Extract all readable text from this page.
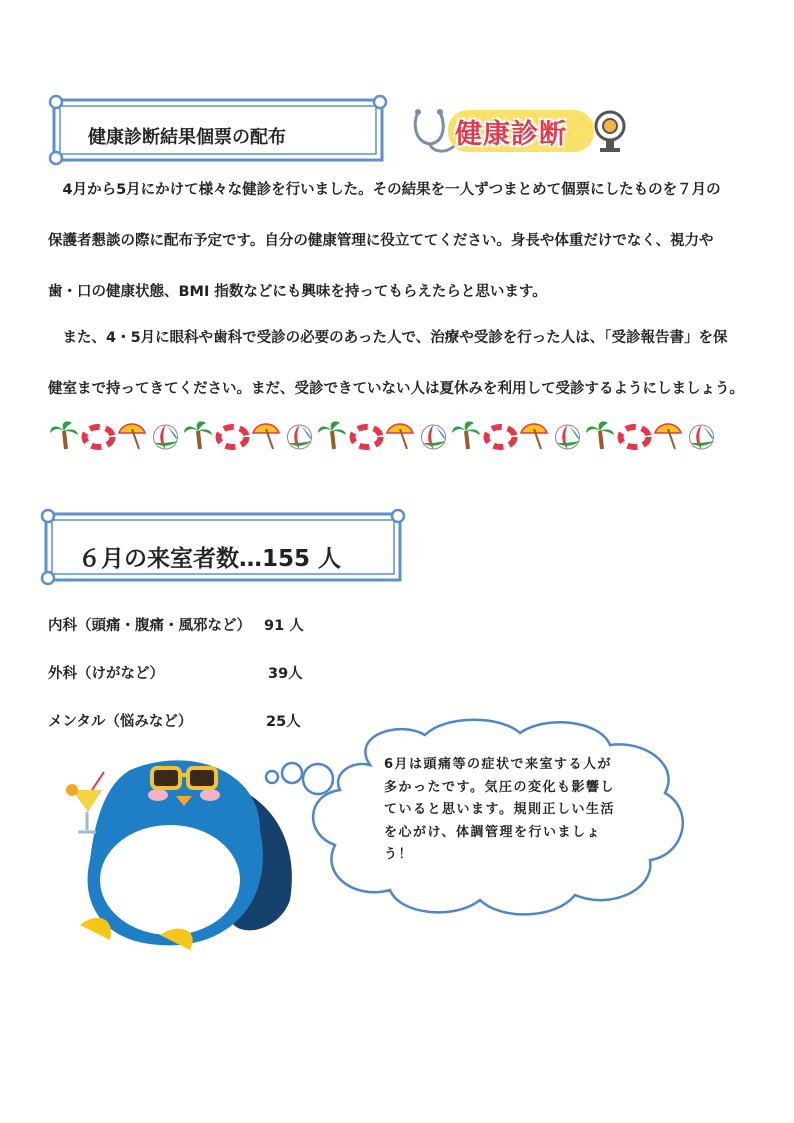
健康診断結果個票の配布	健康診断

　4月から5月にかけて様々な健診を行いました。その結果を一人ずつまとめて個票にしたものを７月の

保護者懇談の際に配布予定です。自分の健康管理に役立ててください。身長や体重だけでなく、視力や

歯・口の健康状態、BMI 指数などにも興味を持ってもらえたらと思います。

　また、4・5月に眼科や歯科で受診の必要のあった人で、治療や受診を行った人は、「受診報告書」を保

健室まで持ってきてください。まだ、受診できていない人は夏休みを利用して受診するようにしましょう。

６月の来室者数…155 人
内科（頭痛・腹痛・風邪など） 91 人
外科（けがなど）	39人
メンタル（悩みなど）	25人
6月は頭痛等の症状で来室する人が
多かったです。気圧の変化も影響し
ていると思います。規則正しい生活
を心がけ、体調管理を行いましょ
う！
